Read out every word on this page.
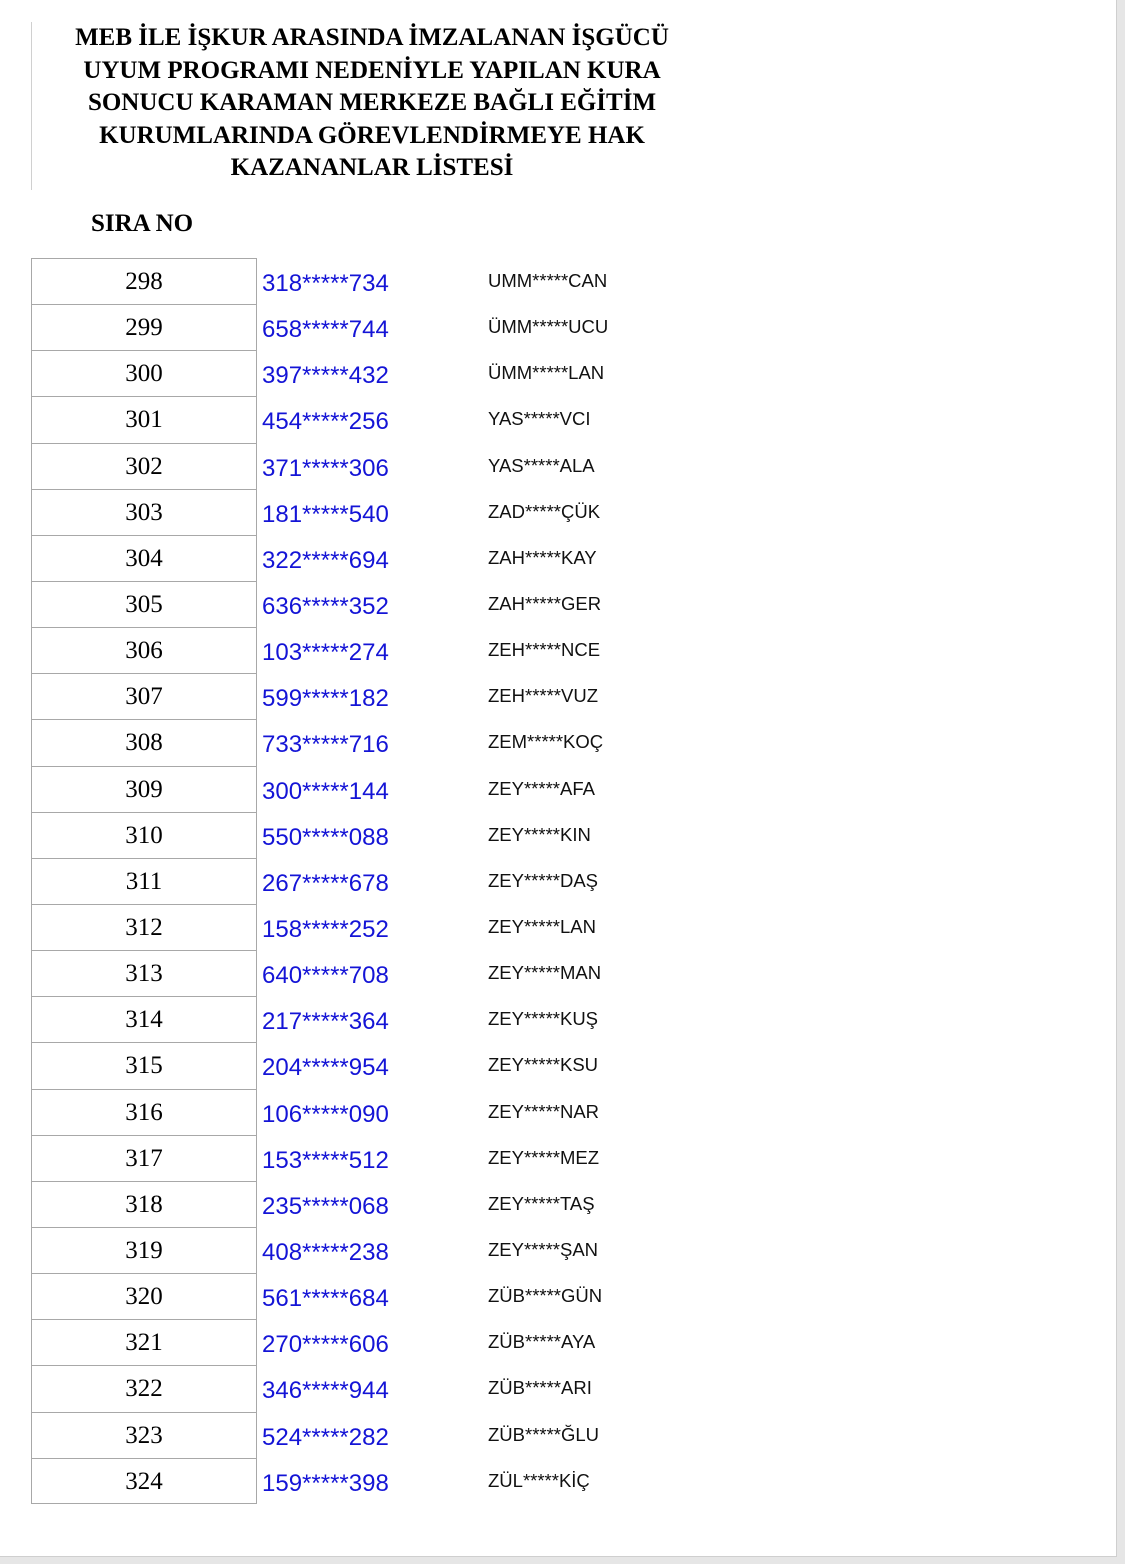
MEB İLE İŞKUR ARASINDA İMZALANAN İŞGÜCÜ
UYUM PROGRAMI NEDENİYLE YAPILAN KURA
SONUCU KARAMAN MERKEZE BAĞLI EĞİTİM
KURUMLARINDA GÖREVLENDİRMEYE HAK
KAZANANLAR LİSTESİ
SIRA NO
298	318*****734	UMM*****CAN
299	658*****744	ÜMM*****UCU
300	397*****432	ÜMM*****LAN
301	454*****256	YAS*****VCI
302	371*****306	YAS*****ALA
303	181*****540	ZAD*****ÇÜK
304	322*****694	ZAH*****KAY
305	636*****352	ZAH*****GER
306	103*****274	ZEH*****NCE
307	599*****182	ZEH*****VUZ
308	733*****716	ZEM*****KOÇ
309	300*****144	ZEY*****AFA
310	550*****088	ZEY*****KIN
311	267*****678	ZEY*****DAŞ
312	158*****252	ZEY*****LAN
313	640*****708	ZEY*****MAN
314	217*****364	ZEY*****KUŞ
315	204*****954	ZEY*****KSU
316	106*****090	ZEY*****NAR
317	153*****512	ZEY*****MEZ
318	235*****068	ZEY*****TAŞ
319	408*****238	ZEY*****ŞAN
320	561*****684	ZÜB*****GÜN
321	270*****606	ZÜB*****AYA
322	346*****944	ZÜB*****ARI
323	524*****282	ZÜB*****ĞLU
324	159*****398	ZÜL*****KİÇ
